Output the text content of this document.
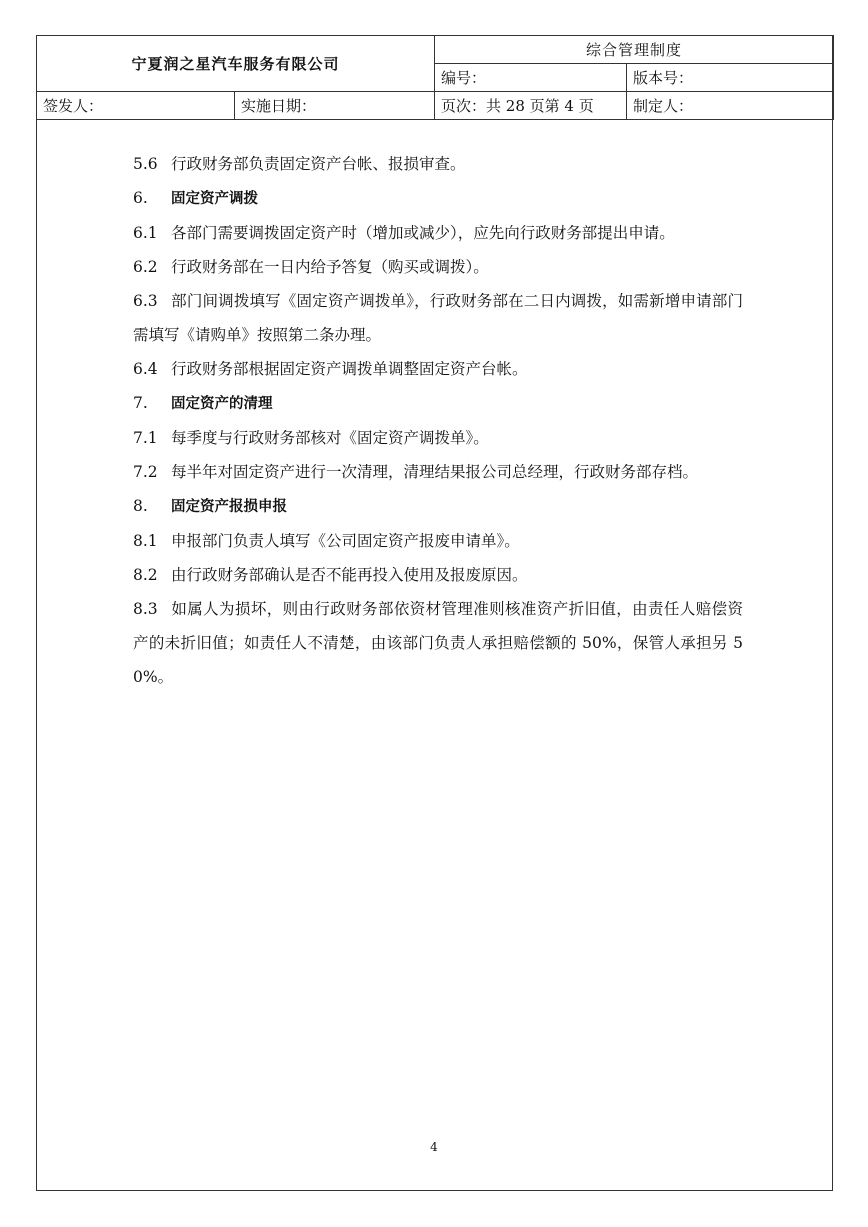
宁夏润之星汽车服务有限公司		综合管理制度	
		编号：	版本号：
签发人：	实施日期：	页次：共 28 页第 4 页	制定人：

5.6 行政财务部负责固定资产台帐、报损审查。

6. 固定资产调拨

6.1 各部门需要调拨固定资产时（增加或减少），应先向行政财务部提出申请。

6.2 行政财务部在一日内给予答复（购买或调拨）。

6.3 部门间调拨填写《固定资产调拨单》，行政财务部在二日内调拨，如需新增申请部门需填写《请购单》按照第二条办理。

6.4 行政财务部根据固定资产调拨单调整固定资产台帐。

7. 固定资产的清理

7.1 每季度与行政财务部核对《固定资产调拨单》。

7.2 每半年对固定资产进行一次清理，清理结果报公司总经理，行政财务部存档。

8. 固定资产报损申报

8.1 申报部门负责人填写《公司固定资产报废申请单》。

8.2 由行政财务部确认是否不能再投入使用及报废原因。

8.3 如属人为损坏，则由行政财务部依资材管理准则核准资产折旧值，由责任人赔偿资产的未折旧值；如责任人不清楚，由该部门负责人承担赔偿额的 50%，保管人承担另 50%。

4
